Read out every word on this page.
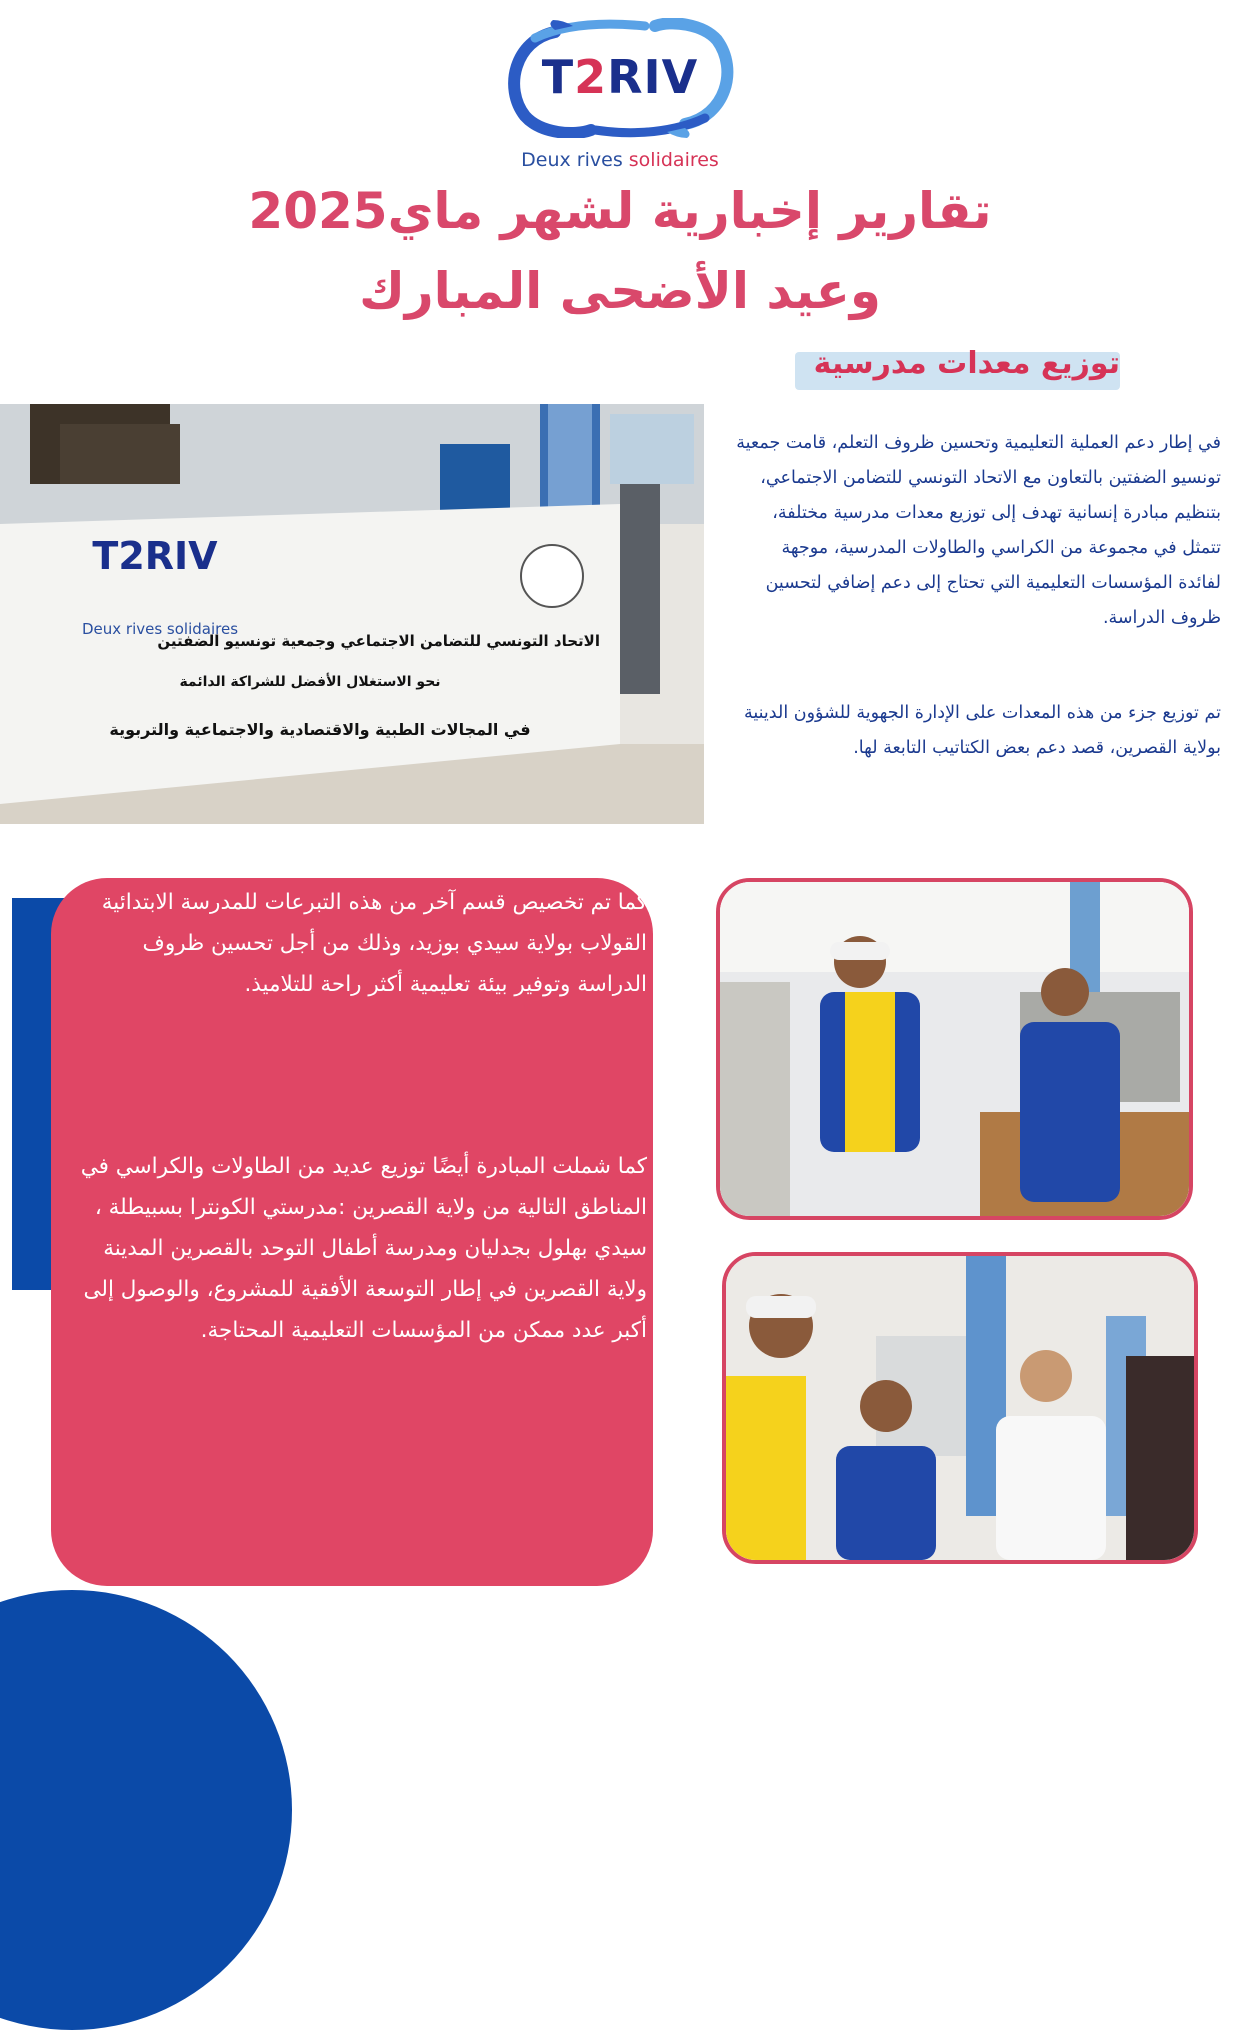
T2RIV
Deux rives solidaires
تقارير إخبارية لشهر ماي2025
وعيد الأضحى المبارك
توزيع معدات مدرسية
T2RIV
Deux rives solidaires
الاتحاد التونسي للتضامن الاجتماعي وجمعية تونسيو الضفتين
نحو الاستغلال الأفضل للشراكة الدائمة
في المجالات الطبية والاقتصادية والاجتماعية والتربوية
في إطار دعم العملية التعليمية وتحسين ظروف التعلم، قامت جمعية تونسيو الضفتين بالتعاون مع الاتحاد التونسي للتضامن الاجتماعي، بتنظيم مبادرة إنسانية تهدف إلى توزيع معدات مدرسية مختلفة، تتمثل في مجموعة من الكراسي والطاولات المدرسية، موجهة لفائدة المؤسسات التعليمية التي تحتاج إلى دعم إضافي لتحسين ظروف الدراسة.
تم توزيع جزء من هذه المعدات على الإدارة الجهوية للشؤون الدينية بولاية القصرين، قصد دعم بعض الكتاتيب التابعة لها.
كما تم تخصيص قسم آخر من هذه التبرعات للمدرسة الابتدائية القولاب بولاية سيدي بوزيد، وذلك من أجل تحسين ظروف الدراسة وتوفير بيئة تعليمية أكثر راحة للتلاميذ.
كما شملت المبادرة أيضًا توزيع عديد من الطاولات والكراسي في المناطق التالية من ولاية القصرين :مدرستي الكونترا بسبيطلة ، سيدي بهلول بجدليان ومدرسة أطفال التوحد بالقصرين المدينة ولاية القصرين في إطار التوسعة الأفقية للمشروع، والوصول إلى أكبر عدد ممكن من المؤسسات التعليمية المحتاجة.
